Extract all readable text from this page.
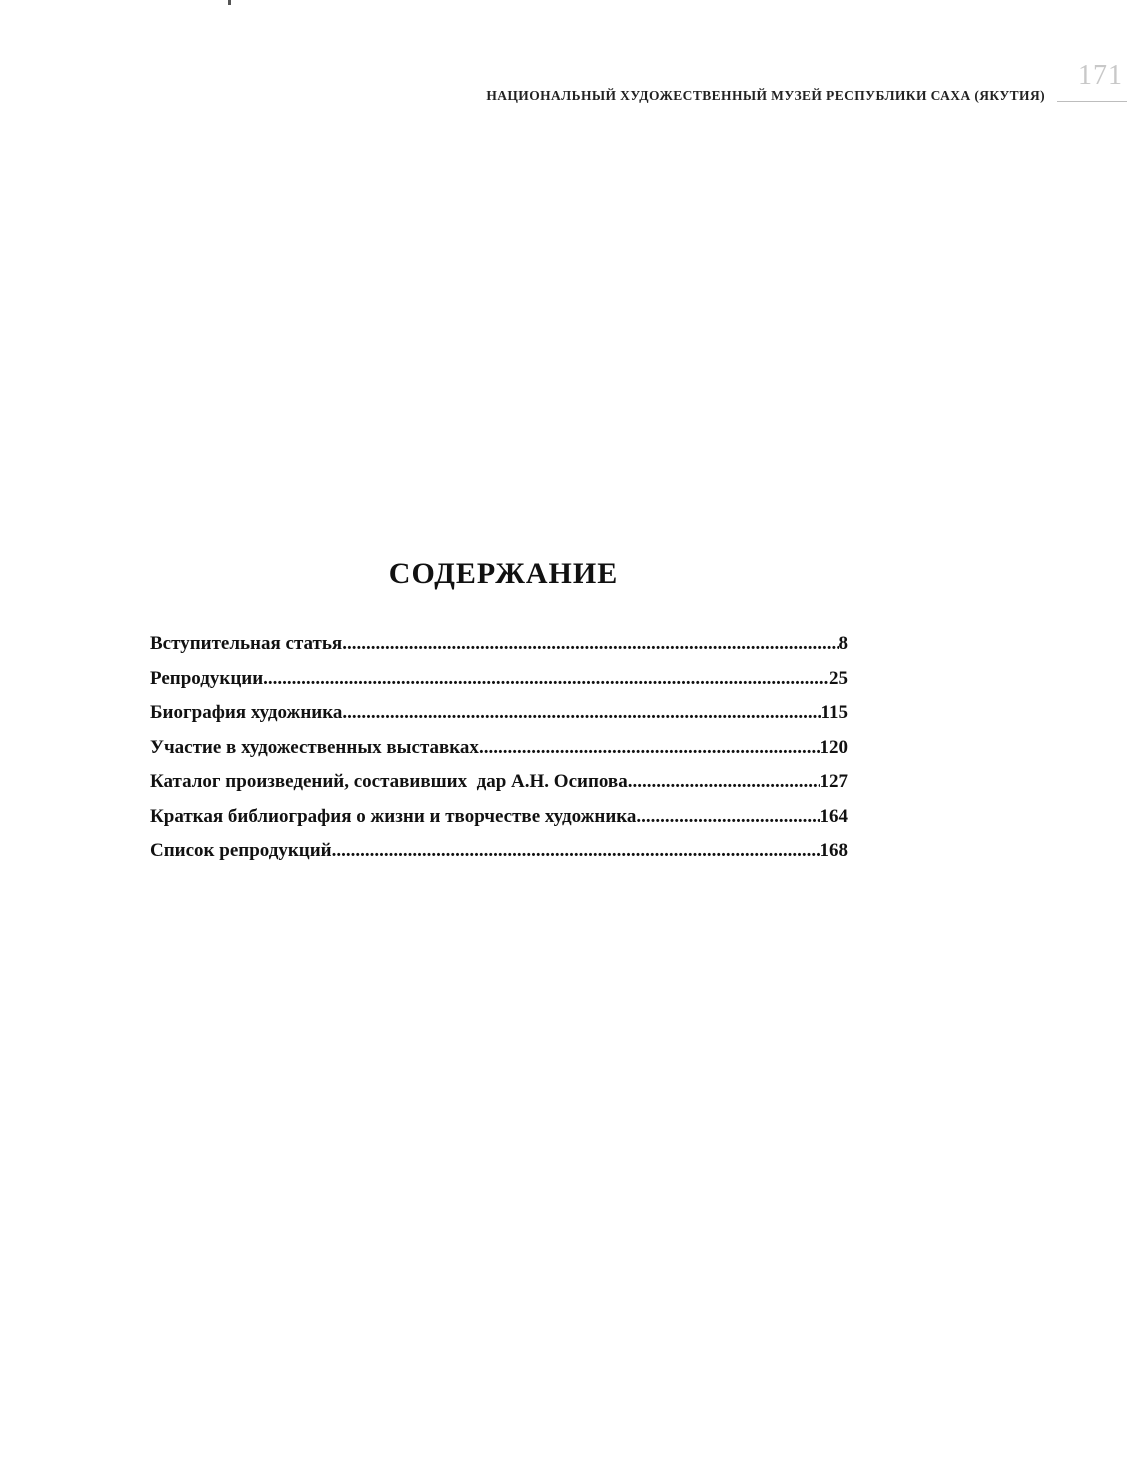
НАЦИОНАЛЬНЫЙ ХУДОЖЕСТВЕННЫЙ МУЗЕЙ РЕСПУБЛИКИ САХА (ЯКУТИЯ)
171
СОДЕРЖАНИЕ
Вступительная статья .....	8
Репродукции .....	25
Биография художника .....	115
Участие в художественных выставках .....	120
Каталог произведений, составивших  дар А.Н. Осипова .....	127
Краткая библиография о жизни и творчестве художника .....	164
Список репродукций .....	168
